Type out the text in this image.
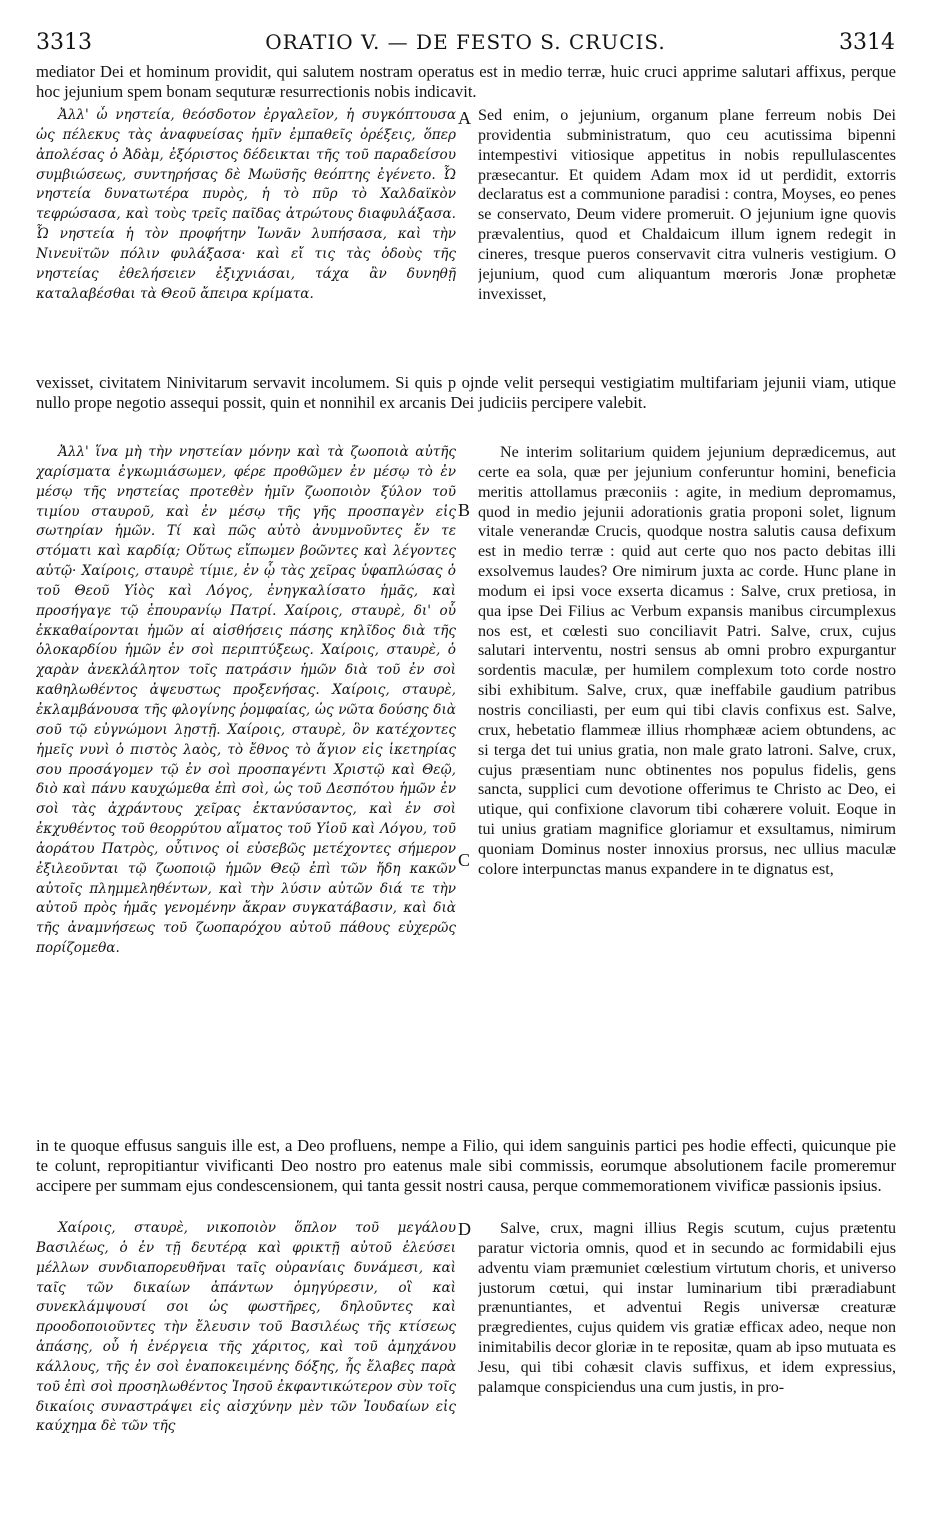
3313	ORATIO V. — DE FESTO S. CRUCIS.	3314

mediator Dei et hominum providit, qui salutem nostram operatus est in medio terræ, huic cruci apprime salutari affixus, perque hoc jejunium spem bonam sequturæ resurrectionis nobis indicavit.

Ἀλλ' ὦ νηστεία, θεόσδοτον ἐργαλεῖον, ἡ συγκόπτουσα ὡς πέλεκυς τὰς ἀναφυείσας ἡμῖν ἐμπαθεῖς ὀρέξεις, ὅπερ ἀπολέσας ὁ Ἀδὰμ, ἐξόριστος δέδεικται τῆς τοῦ παραδείσου συμβιώσεως, συντηρήσας δὲ Μωϋσῆς θεόπτης ἐγένετο. Ὦ νηστεία δυνατωτέρα πυρὸς, ἡ τὸ πῦρ τὸ Χαλδαϊκὸν τεφρώσασα, καὶ τοὺς τρεῖς παῖδας ἀτρώτους διαφυλάξασα. Ὦ νηστεία ἡ τὸν προφήτην Ἰωνᾶν λυπήσασα, καὶ τὴν Νινευϊτῶν πόλιν φυλάξασα· καὶ εἴ τις τὰς ὁδοὺς τῆς νηστείας ἐθελήσειεν ἐξιχνιάσαι, τάχα ἂν δυνηθῇ καταλαβέσθαι τὰ Θεοῦ ἄπειρα κρίματα.

A Sed enim, o jejunium, organum plane ferreum nobis Dei providentia subministratum, quo ceu acutissima bipenni intempestivi vitiosique appetitus in nobis repullulascentes præsecantur. Et quidem Adam mox id ut perdidit, extorris declaratus est a communione paradisi : contra, Moyses, eo penes se conservato, Deum videre promeruit. O jejunium igne quovis prævalentius, quod et Chaldaicum illum ignem redegit in cineres, tresque pueros conservavit citra vulneris vestigium. O jejunium, quod cum aliquantum mœroris Jonæ prophetæ invexisset,

vexisset, civitatem Ninivitarum servavit incolumem. Si quis p ojnde velit persequi vestigiatim multifariam jejunii viam, utique nullo prope negotio assequi possit, quin et nonnihil ex arcanis Dei judiciis percipere valebit.

Ἀλλ' ἵνα μὴ τὴν νηστείαν μόνην καὶ τὰ ζωοποιὰ αὐτῆς χαρίσματα ἐγκωμιάσωμεν, φέρε προθῶμεν ἐν μέσῳ τὸ ἐν μέσῳ τῆς νηστείας προτεθὲν ἡμῖν ζωοποιὸν ξύλον τοῦ τιμίου σταυροῦ, καὶ ἐν μέσῳ τῆς γῆς προσπαγὲν εἰς σωτηρίαν ἡμῶν. Τί καὶ πῶς αὐτὸ ἀνυμνοῦντες ἔν τε στόματι καὶ καρδίᾳ; Οὕτως εἴπωμεν βοῶντες καὶ λέγοντες αὐτῷ· Χαίροις, σταυρὲ τίμιε, ἐν ᾧ τὰς χεῖρας ὑφαπλώσας ὁ τοῦ Θεοῦ Υἱὸς καὶ Λόγος, ἐνηγκαλίσατο ἡμᾶς, καὶ προσήγαγε τῷ ἐπουρανίῳ Πατρί. Χαίροις, σταυρὲ, δι' οὗ ἐκκαθαίρονται ἡμῶν αἱ αἰσθήσεις πάσης κηλῖδος διὰ τῆς ὁλοκαρδίου ἡμῶν ἐν σοὶ περιπτύξεως. Χαίροις, σταυρὲ, ὁ χαρὰν ἀνεκλάλητον τοῖς πατράσιν ἡμῶν διὰ τοῦ ἐν σοὶ καθηλωθέντος ἀψευστως προξενήσας. Χαίροις, σταυρὲ, ἐκλαμβάνουσα τῆς φλογίνης ῥομφαίας, ὡς νῶτα δούσης διὰ σοῦ τῷ εὐγνώμονι λῃστῇ. Χαίροις, σταυρὲ, ὃν κατέχοντες ἡμεῖς νυνὶ ὁ πιστὸς λαὸς, τὸ ἔθνος τὸ ἅγιον εἰς ἱκετηρίας σου προσάγομεν τῷ ἐν σοὶ προσπαγέντι Χριστῷ καὶ Θεῷ, διὸ καὶ πάνυ καυχώμεθα ἐπὶ σοὶ, ὡς τοῦ Δεσπότου ἡμῶν ἐν σοὶ τὰς ἀχράντους χεῖρας ἐκτανύσαντος, καὶ ἐν σοὶ ἐκχυθέντος τοῦ θεορρύτου αἵματος τοῦ Υἱοῦ καὶ Λόγου, τοῦ ἀοράτου Πατρὸς, οὗτινος οἱ εὐσεβῶς μετέχοντες σήμερον ἐξιλεοῦνται τῷ ζωοποιῷ ἡμῶν Θεῷ ἐπὶ τῶν ἤδη κακῶν αὐτοῖς πλημμεληθέντων, καὶ τὴν λύσιν αὐτῶν διά τε τὴν αὐτοῦ πρὸς ἡμᾶς γενομένην ἄκραν συγκατάβασιν, καὶ διὰ τῆς ἀναμνήσεως τοῦ ζωοπαρόχου αὐτοῦ πάθους εὐχερῶς πορίζομεθα.

B
C

Ne interim solitarium quidem jejunium deprædicemus, aut certe ea sola, quæ per jejunium conferuntur homini, beneficia meritis attollamus præconiis : agite, in medium depromamus, quod in medio jejunii adorationis gratia proponi solet, lignum vitale venerandæ Crucis, quodque nostra salutis causa defixum est in medio terræ : quid aut certe quo nos pacto debitas illi exsolvemus laudes? Ore nimirum juxta ac corde. Hunc plane in modum ei ipsi voce exserta dicamus : Salve, crux pretiosa, in qua ipse Dei Filius ac Verbum expansis manibus circumplexus nos est, et cœlesti suo conciliavit Patri. Salve, crux, cujus salutari interventu, nostri sensus ab omni probro expurgantur sordentis maculæ, per humilem complexum toto corde nostro sibi exhibitum. Salve, crux, quæ ineffabile gaudium patribus nostris conciliasti, per eum qui tibi clavis confixus est. Salve, crux, hebetatio flammeæ illius rhomphææ aciem obtundens, ac si terga det tui unius gratia, non male grato latroni. Salve, crux, cujus præsentiam nunc obtinentes nos populus fidelis, gens sancta, supplici cum devotione offerimus te Christo ac Deo, ei utique, qui confixione clavorum tibi cohærere voluit. Eoque in tui unius gratiam magnifice gloriamur et exsultamus, nimirum quoniam Dominus noster innoxius prorsus, nec ullius maculæ colore interpunctas manus expandere in te dignatus est,

in te quoque effusus sanguis ille est, a Deo profluens, nempe a Filio, qui idem sanguinis partici pes hodie effecti, quicunque pie te colunt, repropitiantur vivificanti Deo nostro pro eatenus male sibi commissis, eorumque absolutionem facile promeremur accipere per summam ejus condescensionem, qui tanta gessit nostri causa, perque commemorationem vivificæ passionis ipsius.

Χαίροις, σταυρὲ, νικοποιὸν ὅπλον τοῦ μεγάλου Βασιλέως, ὁ ἐν τῇ δευτέρᾳ καὶ φρικτῇ αὐτοῦ ἐλεύσει μέλλων συνδιαπορευθῆναι ταῖς οὐρανίαις δυνάμεσι, καὶ ταῖς τῶν δικαίων ἀπάντων ὁμηγύρεσιν, οἳ καὶ συνεκλάμψουσί σοι ὡς φωστῆρες, δηλοῦντες καὶ προοδοποιοῦντες τὴν ἔλευσιν τοῦ Βασιλέως τῆς κτίσεως ἁπάσης, οὗ ἡ ἐνέργεια τῆς χάριτος, καὶ τοῦ ἀμηχάνου κάλλους, τῆς ἐν σοὶ ἐναποκειμένης δόξης, ἧς ἔλαβες παρὰ τοῦ ἐπὶ σοὶ προσηλωθέντος Ἰησοῦ ἐκφαντικώτερον σὺν τοῖς δικαίοις συναστράψει εἰς αἰσχύνην μὲν τῶν Ἰουδαίων εἰς καύχημα δὲ τῶν τῆς

D	Salve, crux, magni illius Regis scutum, cujus prætentu paratur victoria omnis, quod et in secundo ac formidabili ejus adventu viam præmuniet cœlestium virtutum choris, et universo justorum cœtui, qui instar luminarium tibi præradiabunt prænuntiantes, et adventui Regis universæ creaturæ prægredientes, cujus quidem vis gratiæ efficax adeo, neque non inimitabilis decor gloriæ in te repositæ, quam ab ipso mutuata es Jesu, qui tibi cohæsit clavis suffixus, et idem expressius, palamque conspiciendus una cum justis, in pro-
